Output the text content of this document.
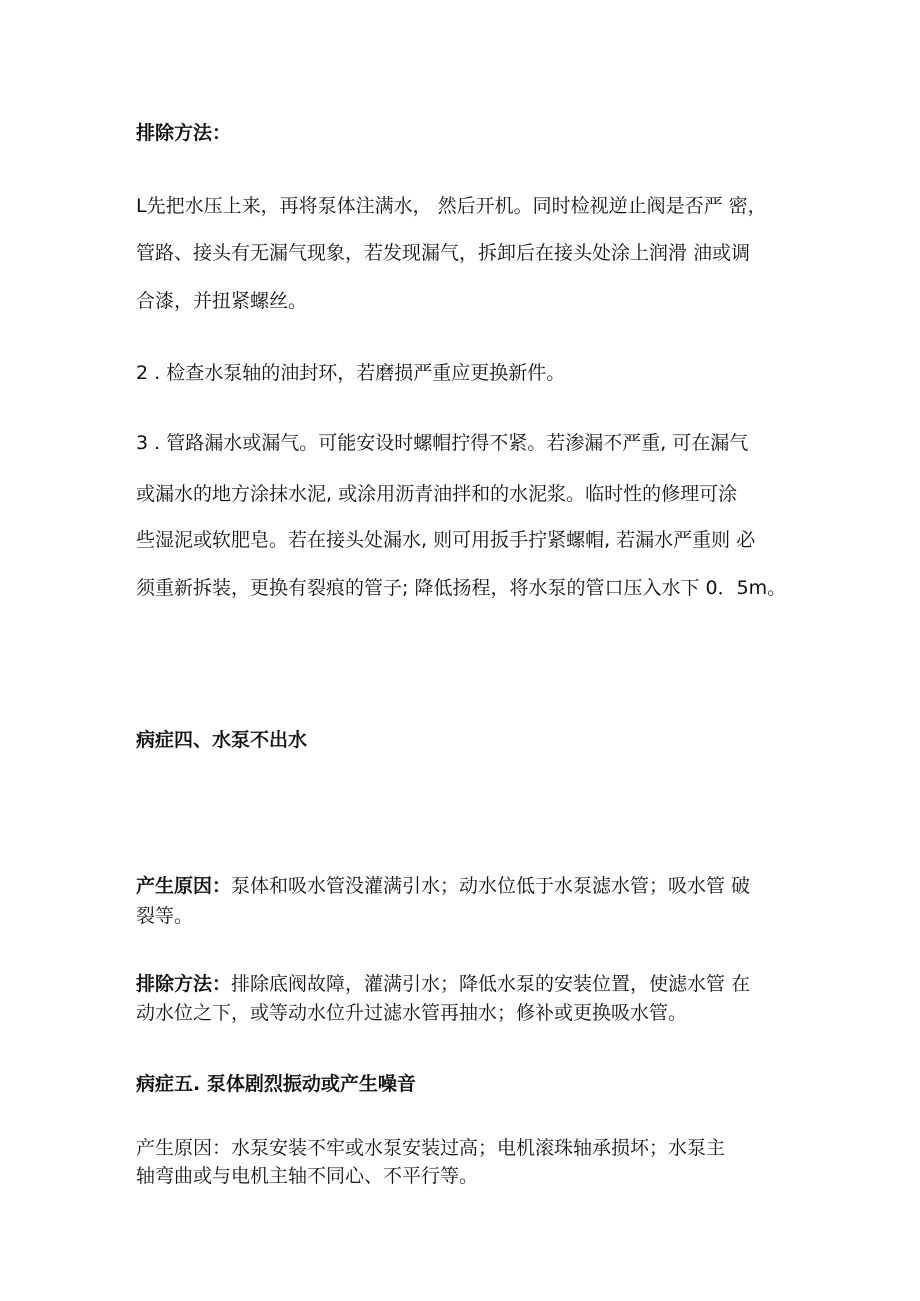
排除方法：
L先把水压上来，再将泵体注满水， 然后开机。同时检视逆止阀是否严 密，
管路、接头有无漏气现象，若发现漏气，拆卸后在接头处涂上润滑 油或调
合漆，并扭紧螺丝。
2 . 检查水泵轴的油封环，若磨损严重应更换新件。
3 . 管路漏水或漏气。可能安设时螺帽拧得不紧。若渗漏不严重, 可在漏气
或漏水的地方涂抹水泥, 或涂用沥青油拌和的水泥浆。临时性的修理可涂
些湿泥或软肥皂。若在接头处漏水, 则可用扳手拧紧螺帽, 若漏水严重则 必
须重新拆装，更换有裂痕的管子; 降低扬程，将水泵的管口压入水下 0．5m。
病症四、水泵不出水
产生原因：泵体和吸水管没灌满引水；动水位低于水泵滤水管；吸水管 破
裂等。
排除方法：排除底阀故障，灌满引水；降低水泵的安装位置，使滤水管 在
动水位之下，或等动水位升过滤水管再抽水；修补或更换吸水管。
病症五. 泵体剧烈振动或产生噪音
产生原因：水泵安装不牢或水泵安装过高；电机滚珠轴承损坏；水泵主
轴弯曲或与电机主轴不同心、不平行等。
